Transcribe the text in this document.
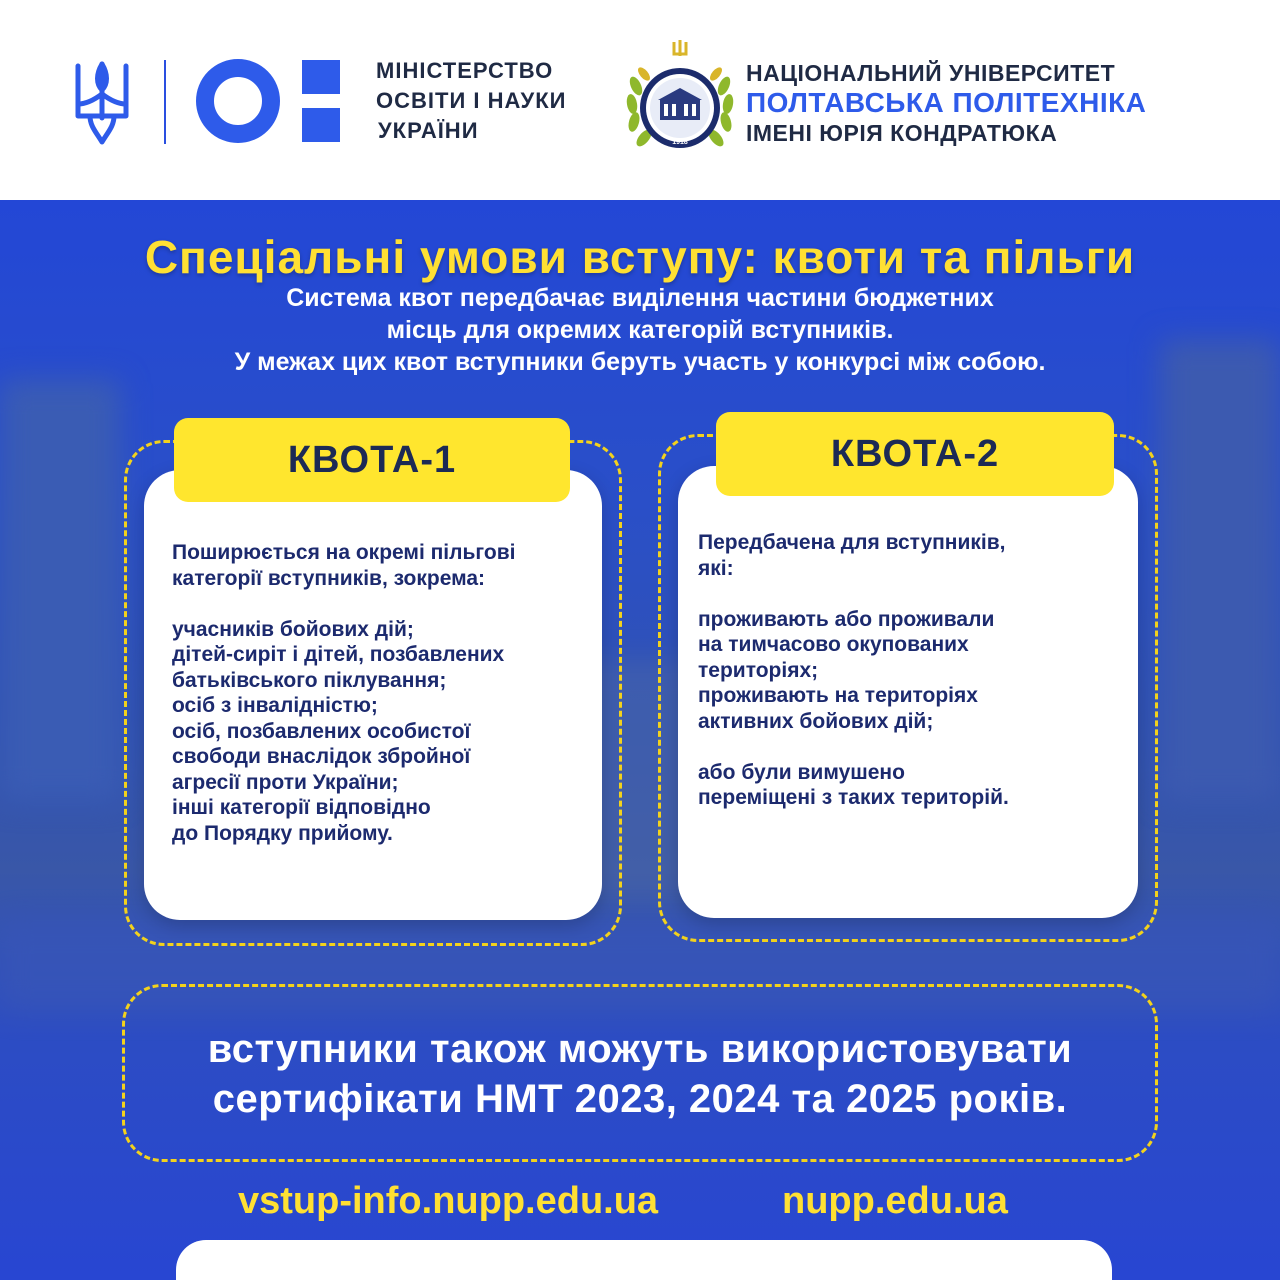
МІНІСТЕРСТВО
ОСВІТИ І НАУКИ
УКРАЇНИ	1918
НАЦІОНАЛЬНИЙ УНІВЕРСИТЕТ
ПОЛТАВСЬКА ПОЛІТЕХНІКА
ІМЕНІ ЮРІЯ КОНДРАТЮКА
Спеціальні умови вступу: квоти та пільги
Система квот передбачає виділення частини бюджетних
місць для окремих категорій вступників.
У межах цих квот вступники беруть участь у конкурсі між собою.
КВОТА-1
Поширюється на окремі пільгові
категорії вступників, зокрема:
учасників бойових дій;
дітей-сиріт і дітей, позбавлених
батьківського піклування;
осіб з інвалідністю;
осіб, позбавлених особистої
свободи внаслідок збройної
агресії проти України;
інші категорії відповідно
до Порядку прийому.
КВОТА-2
Передбачена для вступників,
які:
проживають або проживали
на тимчасово окупованих
територіях;
проживають на територіях
активних бойових дій;
або були вимушено
переміщені з таких територій.
вступники також можуть використовувати
сертифікати НМТ 2023, 2024 та 2025 років.
vstup-info.nupp.edu.ua	nupp.edu.ua
